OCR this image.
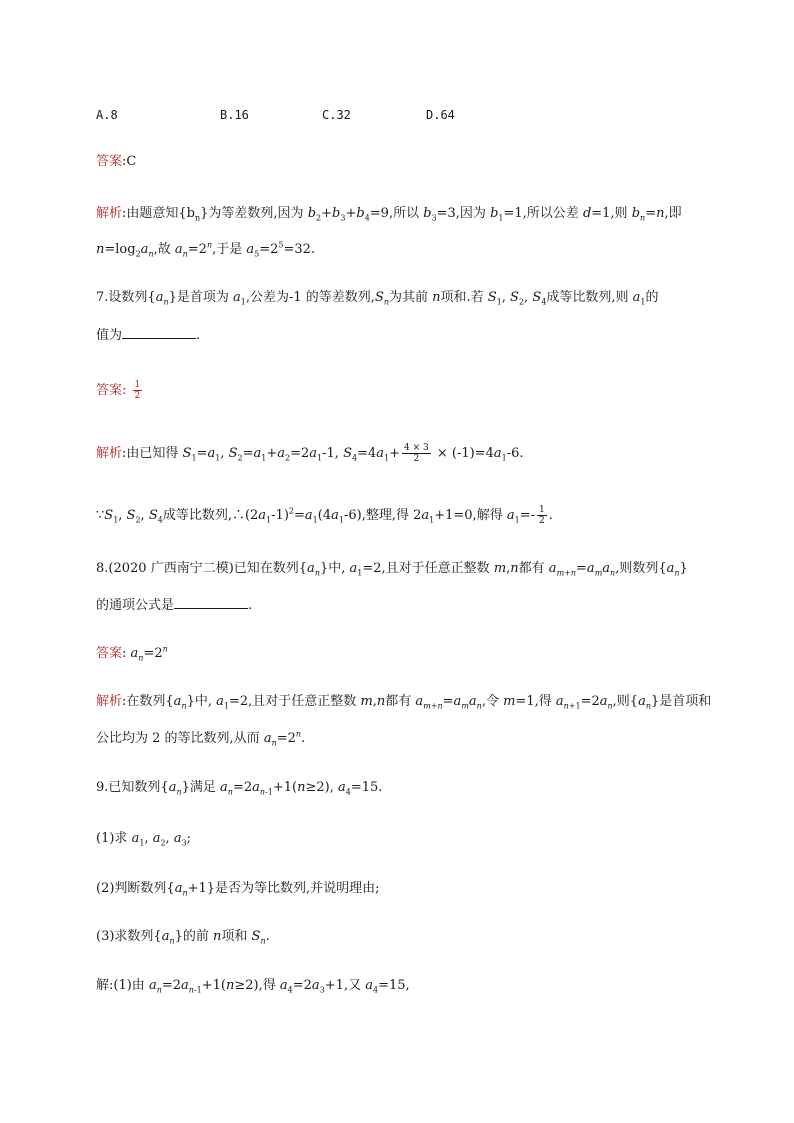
A.8	B.16	C.32	D.64
答案:C
解析:由题意知$\{b_n\}$为等差数列,因为 $b_2+b_3+b_4=9$,所以 $b_3=3$,因为 $b_1=1$,所以公差 d=1,则 $b_n=n$,即
$n=\log_2a_n$,故 $a_n=2^n$,于是 $a_5=2^5=32$.
7.设数列$\{a_n\}$是首项为 $a_1$,公差为-1 的等差数列$,S_n$为其前 n项和.若 $S_1$, $S_2$, $S_4$成等比数列,则 $a_1$的
值为	.
答案: $\frac{1}{2}$
解析:由已知得 $S_1=a_1$, $S_2=a_1+a_2=2a_1-1$, $S_4=4a_1+ \frac{4 \times 3}{2} \times (-1)=4a_1-6$.
$\because S_1$, $S_2$, $S_4$成等比数列$,\therefore(2a_1-1)^2=a_1(4a_1-6)$,整理,得 $2a_1+1=0$,解得 $a_1=- \frac{1}{2}$ .
8.(2020 广西南宁二模)已知在数列$\{a_n\}$中, $a_1=2$,且对于任意正整数 m,n都有 $a_{m+n}=a_ma_n$,则数列$\{a_n\}$
的通项公式是	.
答案: $a_n=2^n$
解析:在数列$\{a_n\}$中, $a_1=2$,且对于任意正整数 m,n都有 $a_{m+n}=a_ma_n$,令 m=1,得 $a_{n+1}=2a_n$,则$\{a_n\}$是首项和
公比均为 2 的等比数列,从而 $a_n=2^n$.
9.已知数列$\{a_n\}$满足 $a_n=2a_{n-1}+1(n\ge 2)$, $a_4=15$.
(1)求 $a_1$, $a_2$, $a_3$;
(2)判断数列$\{a_n+1\}$是否为等比数列,并说明理由;
(3)求数列$\{a_n\}$的前 n项和 $S_n$.
解:(1)由 $a_n=2a_{n-1}+1(n\ge 2)$,得 $a_4=2a_3+1$,又 $a_4=15$,
